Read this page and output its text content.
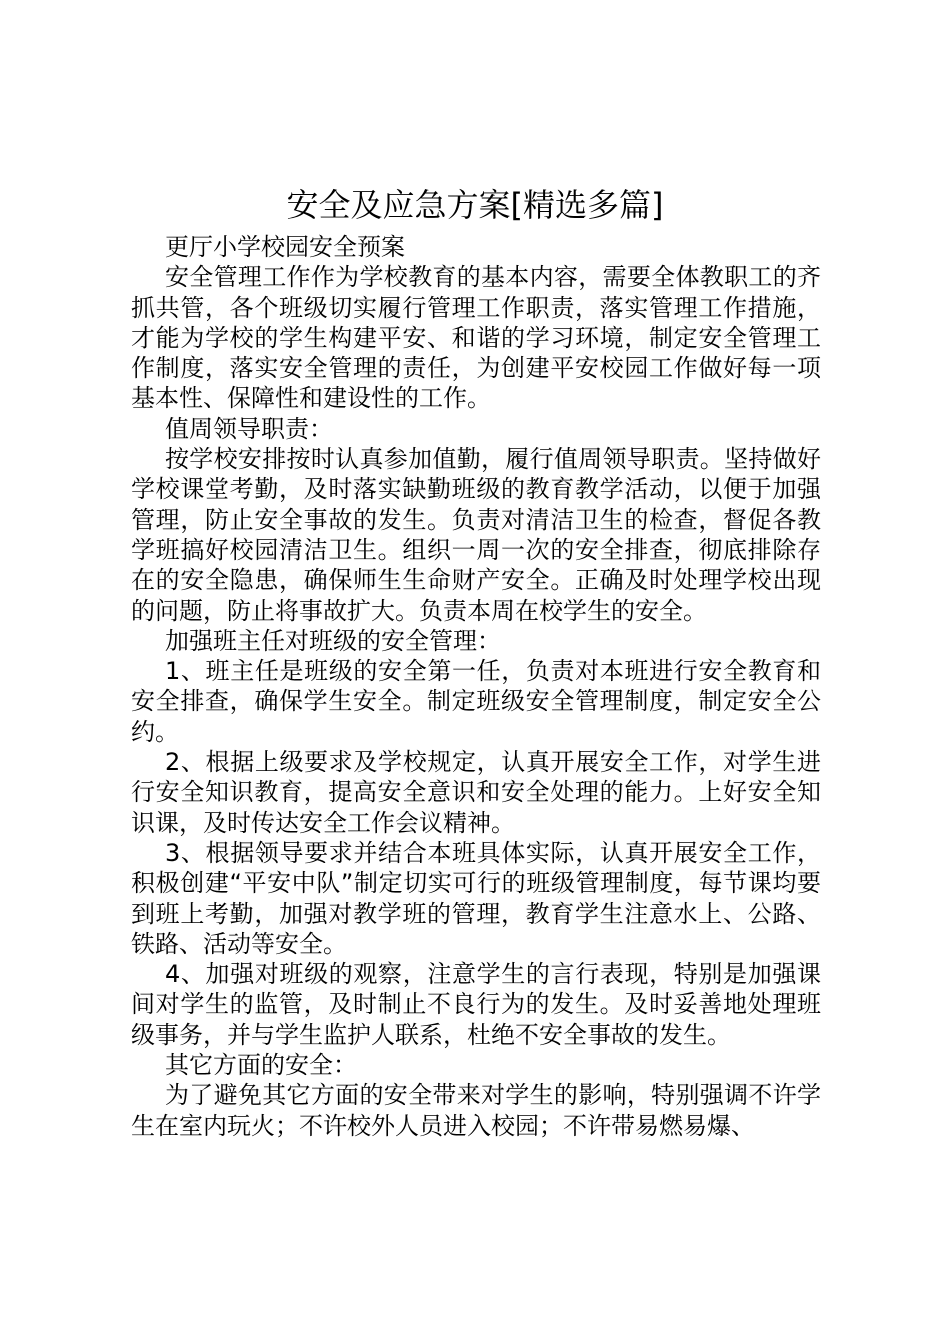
安全及应急方案[精选多篇]

更厅小学校园安全预案

安全管理工作作为学校教育的基本内容，需要全体教职工的齐抓共管，各个班级切实履行管理工作职责，落实管理工作措施，才能为学校的学生构建平安、和谐的学习环境，制定安全管理工作制度，落实安全管理的责任，为创建平安校园工作做好每一项基本性、保障性和建设性的工作。

值周领导职责：

按学校安排按时认真参加值勤，履行值周领导职责。坚持做好学校课堂考勤，及时落实缺勤班级的教育教学活动，以便于加强管理，防止安全事故的发生。负责对清洁卫生的检查，督促各教学班搞好校园清洁卫生。组织一周一次的安全排查，彻底排除存在的安全隐患，确保师生生命财产安全。正确及时处理学校出现的问题，防止将事故扩大。负责本周在校学生的安全。

加强班主任对班级的安全管理：

1、班主任是班级的安全第一任，负责对本班进行安全教育和安全排查，确保学生安全。制定班级安全管理制度，制定安全公约。

2、根据上级要求及学校规定，认真开展安全工作，对学生进行安全知识教育，提高安全意识和安全处理的能力。上好安全知识课，及时传达安全工作会议精神。

3、根据领导要求并结合本班具体实际，认真开展安全工作，积极创建“平安中队”制定切实可行的班级管理制度，每节课均要到班上考勤，加强对教学班的管理，教育学生注意水上、公路、铁路、活动等安全。

4、加强对班级的观察，注意学生的言行表现，特别是加强课间对学生的监管，及时制止不良行为的发生。及时妥善地处理班级事务，并与学生监护人联系，杜绝不安全事故的发生。

其它方面的安全：

为了避免其它方面的安全带来对学生的影响，特别强调不许学生在室内玩火；不许校外人员进入校园；不许带易燃易爆、
